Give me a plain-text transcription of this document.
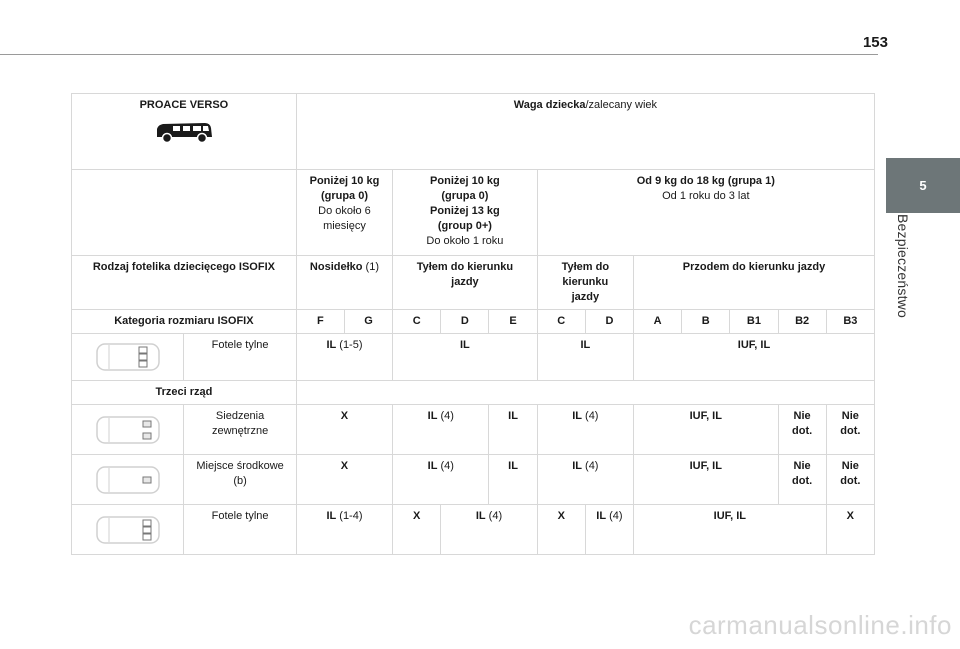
153
5
Bezpieczeństwo
PROACE VERSO		Waga dziecka/zalecany wiek											
		Poniżej 10 kg
(grupa 0)
Do około 6
miesięcy		Poniżej 10 kg
(grupa 0)
Poniżej 13 kg
(group 0+)
Do około 1 roku			Od 9 kg do 18 kg (grupa 1)
Od 1 roku do 3 lat						
Rodzaj fotelika dziecięcego ISOFIX		Nosidełko (1)		Tyłem do kierunku
jazdy			Tyłem do
kierunku
jazdy		Przodem do kierunku jazdy				
Kategoria rozmiaru ISOFIX		F	G	C	D	E	C	D	A	B	B1	B2	B3

	Fotele tylne	IL (1-5)		IL			IL		IUF, IL				
Trzeci rząd													

	Siedzenia
zewnętrzne	X		IL (4)		IL	IL (4)		IUF, IL			Nie
dot.	Nie
dot.

	Miejsce środkowe
(b)	X		IL (4)		IL	IL (4)		IUF, IL			Nie
dot.	Nie
dot.

	Fotele tylne	IL (1-4)		X	IL (4)		X	IL (4)	IUF, IL				X
carmanualsonline.info
